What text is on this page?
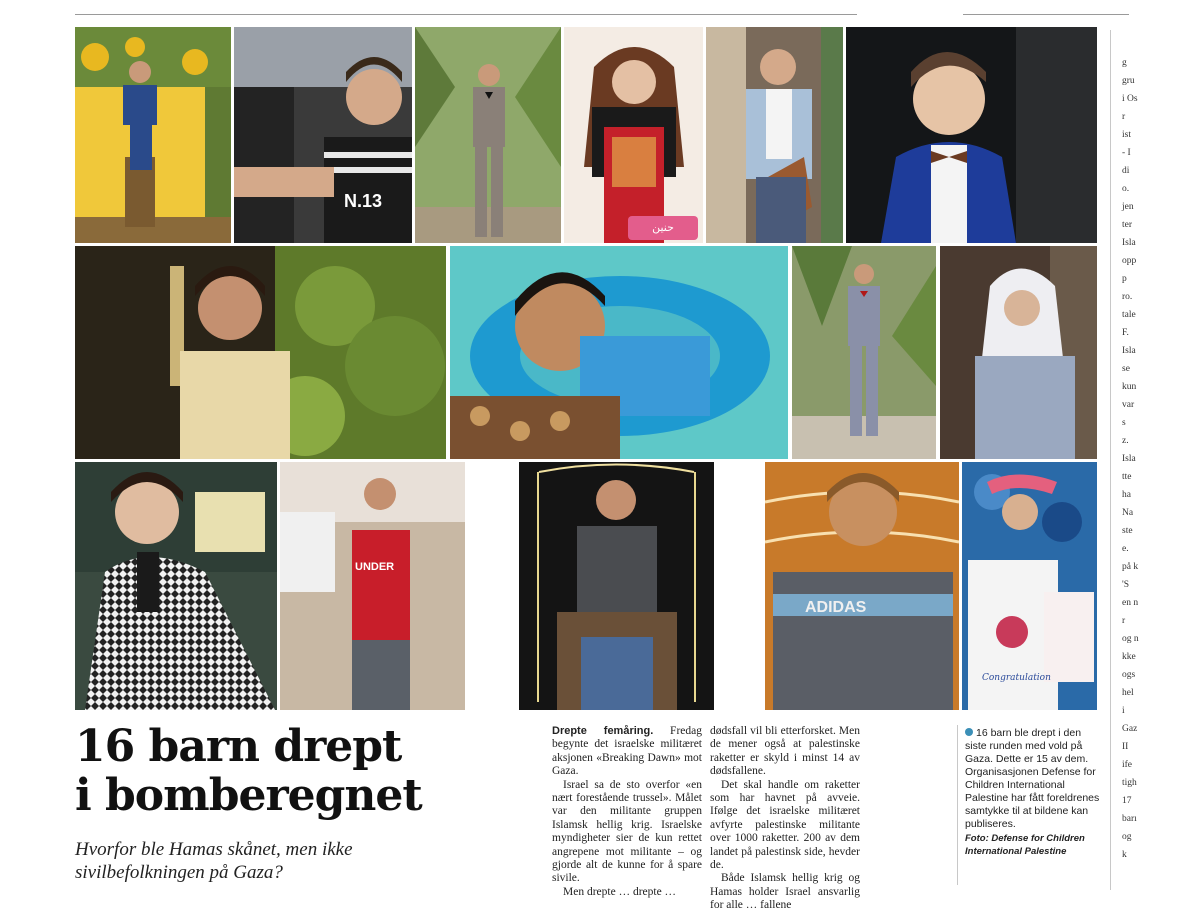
N.13
حنين
UNDER
ADIDAS
Congratulation
16 barn drept
i bomberegnet
Hvorfor ble Hamas skånet, men ikke sivilbefolkningen på Gaza?

Drepte femåring. Fredag begynte det israelske militæret aksjonen «Breaking Dawn» mot Gaza.

Israel sa de sto overfor «en nært forestående trussel». Målet var den militante gruppen Islamsk hellig krig. Israelske myndigheter sier de kun rettet angrepene mot militante – og gjorde alt de kunne for å spare sivile.

Men drepte … drepte …

dødsfall vil bli etterforsket. Men de mener også at palestinske raketter er skyld i minst 14 av dødsfallene.

Det skal handle om raketter som har havnet på avveie. Ifølge det israelske militæret avfyrte palestinske militante over 1000 raketter. 200 av dem landet på palestinsk side, hevder de.

Både Islamsk hellig krig og Hamas holder Israel ansvarlig for alle … fallene

16 barn ble drept i den siste runden med vold på Gaza. Dette er 15 av dem. Organisasjonen Defense for Children International Palestine har fått foreldrenes samtykke til at bildene kan publiseres.
Foto: Defense for Children International Palestine
g
gru
i Os
r
ist
- I
di
o.
jen
ter
Isla
opp
p
ro.
tale
F.
Isla
se
kun
var
s
z.
Isla
tte
ha
Na
ste
e.
på k
'S
en n
r
og n
kke
ogs
hel
i
Gaz
II
ife
tigh
17
barı
og
k
